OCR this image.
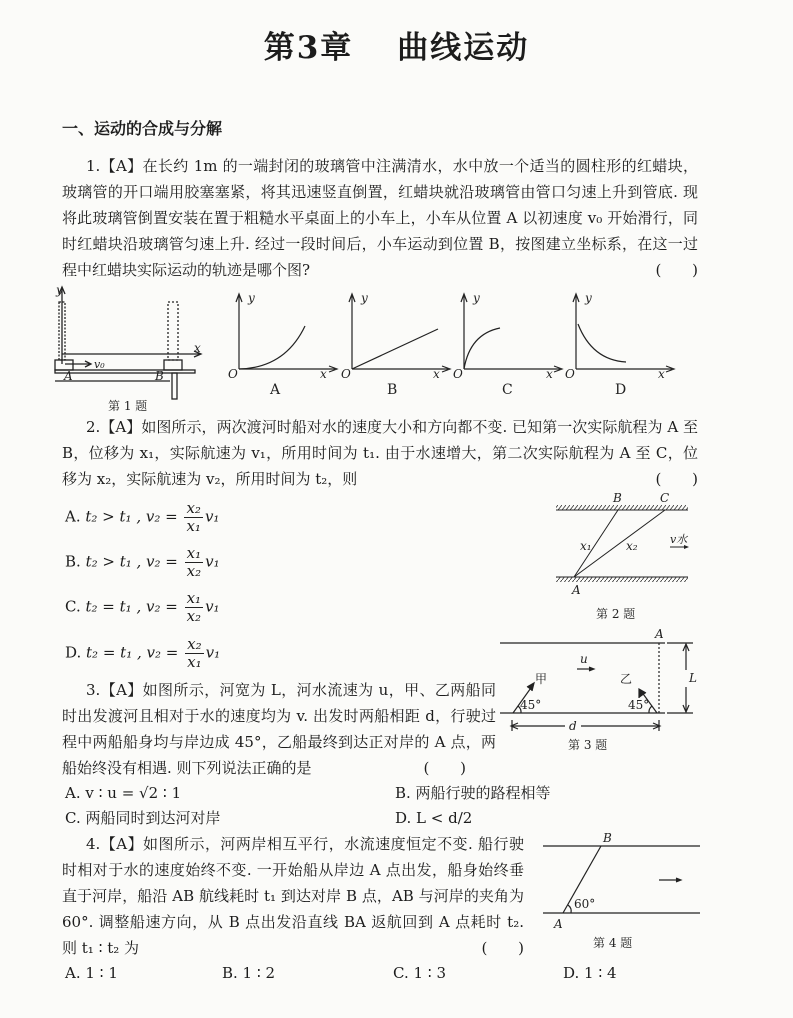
第3章 曲线运动
一、运动的合成与分解
1.【A】在长约 1m 的一端封闭的玻璃管中注满清水，水中放一个适当的圆柱形的红蜡块，玻璃管的开口端用胶塞塞紧，将其迅速竖直倒置，红蜡块就沿玻璃管由管口匀速上升到管底. 现将此玻璃管倒置安装在置于粗糙水平桌面上的小车上，小车从位置 A 以初速度 v₀ 开始滑行，同时红蜡块沿玻璃管匀速上升. 经过一段时间后，小车运动到位置 B，按图建立坐标系，在这一过程中红蜡块实际运动的轨迹是哪个图?	( )
y
x
v₀
A	B
第 1 题
y	y	y	y
O	O	O	O
x	x	x	x
A	B	C	D
2.【A】如图所示，两次渡河时船对水的速度大小和方向都不变. 已知第一次实际航程为 A 至 B，位移为 x₁，实际航速为 v₁，所用时间为 t₁. 由于水速增大，第二次实际航程为 A 至 C，位移为 x₂，实际航速为 v₂，所用时间为 t₂，则	( )
A. t₂ > t₁ , $v_2 = \frac{\text{x₂}}{\text{x₁}} v_1$
B. t₂ > t₁ , $v_2 = \frac{\text{x₁}}{\text{x₂}} v_1$
C. t₂ = t₁ , $v_2 = \frac{\text{x₁}}{\text{x₂}} v_1$
D. t₂ = t₁ , $v_2 = \frac{\text{x₂}}{\text{x₁}} v_1$
B	C
A
x₁	x₂	v水
第 2 题
3.【A】如图所示，河宽为 L，河水流速为 u，甲、乙两船同时出发渡河且相对于水的速度均为 v. 出发时两船相距 d，行驶过程中两船船身均与岸边成 45°，乙船最终到达正对岸的 A 点，两船始终没有相遇. 则下列说法正确的是	( )
A. v ∶ u = √2 ∶ 1	B. 两船行驶的路程相等
C. 两船同时到达河对岸	D. L < d/2
A
L
u
甲	乙
45°	45°
d
第 3 题
4.【A】如图所示，河两岸相互平行，水流速度恒定不变. 船行驶时相对于水的速度始终不变. 一开始船从岸边 A 点出发，船身始终垂直于河岸，船沿 AB 航线耗时 t₁ 到达对岸 B 点，AB 与河岸的夹角为 60°. 调整船速方向，从 B 点出发沿直线 BA 返航回到 A 点耗时 t₂. 则 t₁ ∶ t₂ 为	( )
A. 1 ∶ 1	B. 1 ∶ 2	C. 1 ∶ 3	D. 1 ∶ 4
B
A
60°
第 4 题
